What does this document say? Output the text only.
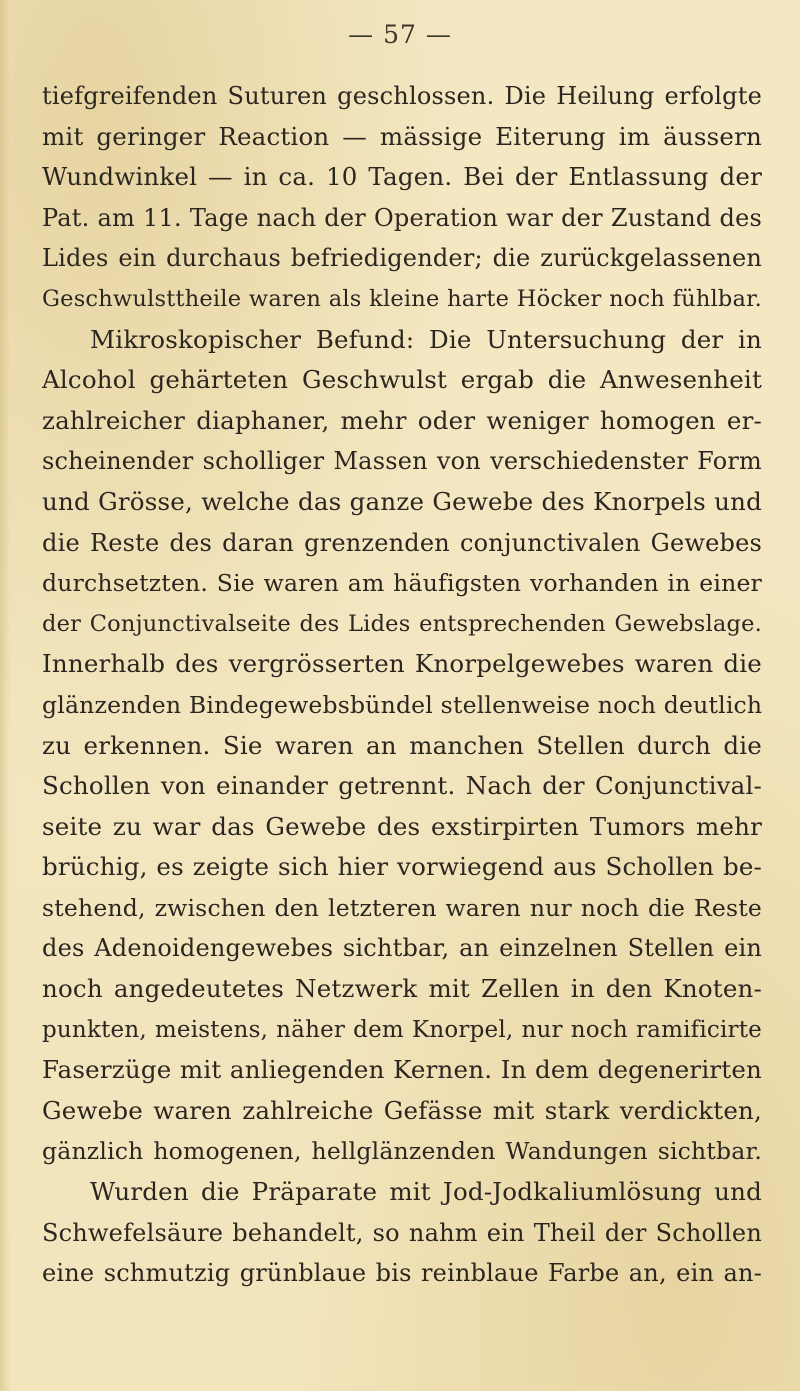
— 57 —
tiefgreifenden Suturen geschlossen. Die Heilung erfolgte
mit geringer Reaction — mässige Eiterung im äussern
Wundwinkel — in ca. 10 Tagen. Bei der Entlassung der
Pat. am 11. Tage nach der Operation war der Zustand des
Lides ein durchaus befriedigender; die zurückgelassenen
Geschwulsttheile waren als kleine harte Höcker noch fühlbar.
Mikroskopischer Befund: Die Untersuchung der in
Alcohol gehärteten Geschwulst ergab die Anwesenheit
zahlreicher diaphaner, mehr oder weniger homogen er-
scheinender scholliger Massen von verschiedenster Form
und Grösse, welche das ganze Gewebe des Knorpels und
die Reste des daran grenzenden conjunctivalen Gewebes
durchsetzten. Sie waren am häufigsten vorhanden in einer
der Conjunctivalseite des Lides entsprechenden Gewebslage.
Innerhalb des vergrösserten Knorpelgewebes waren die
glänzenden Bindegewebsbündel stellenweise noch deutlich
zu erkennen. Sie waren an manchen Stellen durch die
Schollen von einander getrennt. Nach der Conjunctival-
seite zu war das Gewebe des exstirpirten Tumors mehr
brüchig, es zeigte sich hier vorwiegend aus Schollen be-
stehend, zwischen den letzteren waren nur noch die Reste
des Adenoidengewebes sichtbar, an einzelnen Stellen ein
noch angedeutetes Netzwerk mit Zellen in den Knoten-
punkten, meistens, näher dem Knorpel, nur noch ramificirte
Faserzüge mit anliegenden Kernen. In dem degenerirten
Gewebe waren zahlreiche Gefässe mit stark verdickten,
gänzlich homogenen, hellglänzenden Wandungen sichtbar.
Wurden die Präparate mit Jod-Jodkaliumlösung und
Schwefelsäure behandelt, so nahm ein Theil der Schollen
eine schmutzig grünblaue bis reinblaue Farbe an, ein an-
